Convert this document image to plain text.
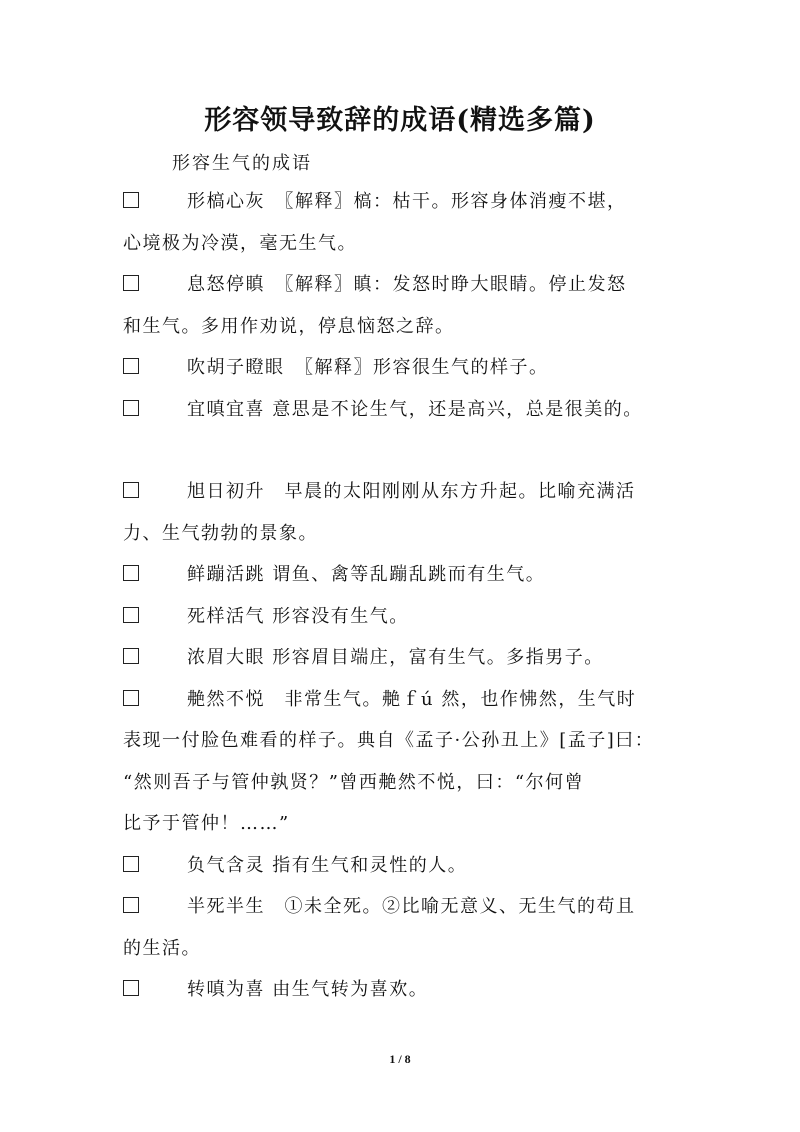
形容领导致辞的成语(精选多篇)
形容生气的成语
形槁心灰　〖解释〗槁：枯干。形容身体消瘦不堪，
心境极为冷漠，毫无生气。
息怒停瞋　〖解释〗瞋：发怒时睁大眼睛。停止发怒
和生气。多用作劝说，停息恼怒之辞。
吹胡子瞪眼　〖解释〗形容很生气的样子。
宜嗔宜喜 意思是不论生气，还是高兴，总是很美的。
旭日初升　早晨的太阳刚刚从东方升起。比喻充满活
力、生气勃勃的景象。
鲜蹦活跳 谓鱼、禽等乱蹦乱跳而有生气。
死样活气 形容没有生气。
浓眉大眼 形容眉目端庄，富有生气。多指男子。
艴然不悦　非常生气。艴ｆú 然，也作怫然，生气时
表现一付脸色难看的样子。典自《孟子·公孙丑上》[孟子]曰：
“然则吾子与管仲孰贤？”曾西艴然不悦，曰：“尔何曾
比予于管仲！……”
负气含灵 指有生气和灵性的人。
半死半生　①未全死。②比喻无意义、无生气的苟且
的生活。
转嗔为喜 由生气转为喜欢。
1 / 8
